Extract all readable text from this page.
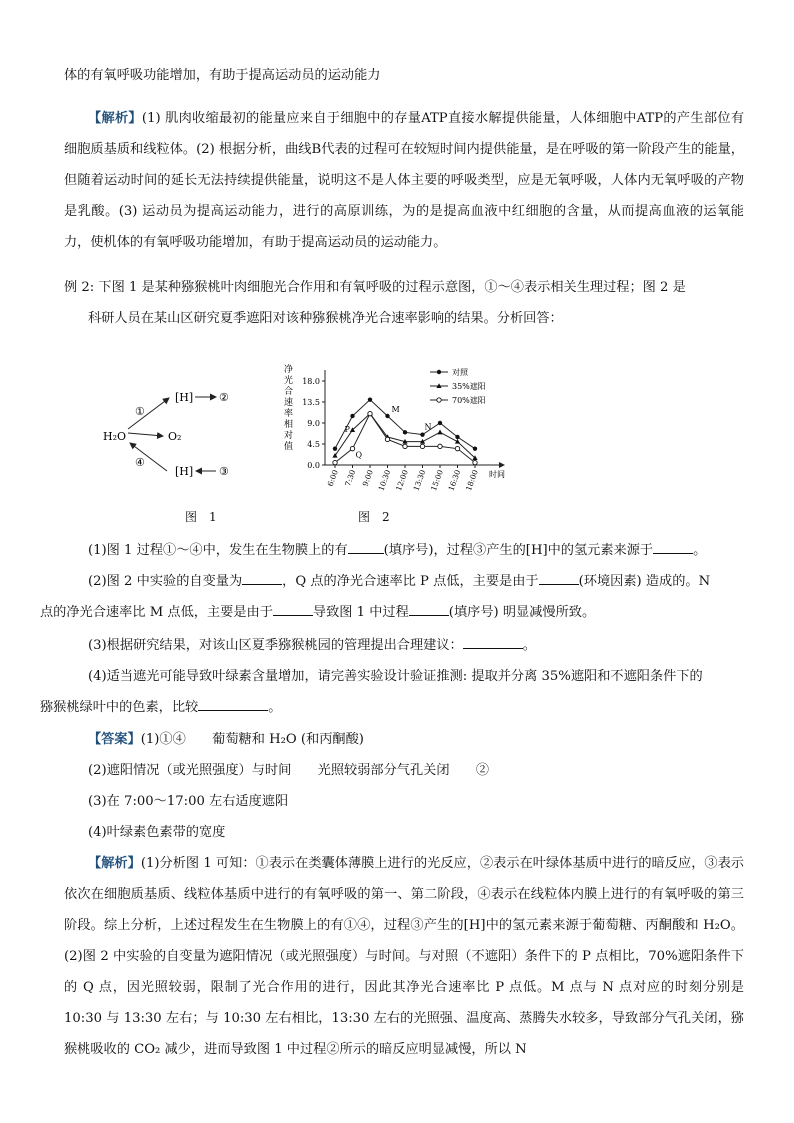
体的有氧呼吸功能增加，有助于提高运动员的运动能力
【解析】(1) 肌肉收缩最初的能量应来自于细胞中的存量ATP直接水解提供能量，人体细胞中ATP的产生部位有细胞质基质和线粒体。(2) 根据分析，曲线B代表的过程可在较短时间内提供能量，是在呼吸的第一阶段产生的能量，但随着运动时间的延长无法持续提供能量，说明这不是人体主要的呼吸类型，应是无氧呼吸，人体内无氧呼吸的产物是乳酸。(3) 运动员为提高运动能力，进行的高原训练，为的是提高血液中红细胞的含量，从而提高血液的运氧能力，使机体的有氧呼吸功能增加，有助于提高运动员的运动能力。
例 2: 下图 1 是某种猕猴桃叶肉细胞光合作用和有氧呼吸的过程示意图，①～④表示相关生理过程；图 2 是
科研人员在某山区研究夏季遮阳对该种猕猴桃净光合速率影响的结果。分析回答：
H₂O	O₂
[H]
[H]
①
④
②
③
图　1
净
光
合
速
率
相
对
值
0.0
4.5
9.0
13.5
18.0
6:00 7:30 9:00 10:30 12:00 13:30 15:00 16:30 18:00 时间
对照
35%遮阳
70%遮阳
M
N
P
Q
图　2
(1)图 1 过程①～④中，发生在生物膜上的有	(填序号)，过程③产生的[H]中的氢元素来源于	。
(2)图 2 中实验的自变量为	，Q 点的净光合速率比 P 点低，主要是由于	(环境因素) 造成的。N
点的净光合速率比 M 点低，主要是由于	导致图 1 中过程	(填序号) 明显减慢所致。
(3)根据研究结果，对该山区夏季猕猴桃园的管理提出合理建议：	。
(4)适当遮光可能导致叶绿素含量增加，请完善实验设计验证推测: 提取并分离 35%遮阳和不遮阳条件下的
猕猴桃绿叶中的色素，比较	。
【答案】(1)①④　　葡萄糖和 H₂O (和丙酮酸)
(2)遮阳情况（或光照强度）与时间　　光照较弱部分气孔关闭　　②
(3)在 7:00～17:00 左右适度遮阳
(4)叶绿素色素带的宽度
【解析】(1)分析图 1 可知：①表示在类囊体薄膜上进行的光反应，②表示在叶绿体基质中进行的暗反应，③表示依次在细胞质基质、线粒体基质中进行的有氧呼吸的第一、第二阶段，④表示在线粒体内膜上进行的有氧呼吸的第三阶段。综上分析，上述过程发生在生物膜上的有①④，过程③产生的[H]中的氢元素来源于葡萄糖、丙酮酸和 H₂O。(2)图 2 中实验的自变量为遮阳情况（或光照强度）与时间。与对照（不遮阳）条件下的 P 点相比，70%遮阳条件下的 Q 点，因光照较弱，限制了光合作用的进行，因此其净光合速率比 P 点低。M 点与 N 点对应的时刻分别是 10:30 与 13:30 左右；与 10:30 左右相比，13:30 左右的光照强、温度高、蒸腾失水较多，导致部分气孔关闭，猕猴桃吸收的 CO₂ 减少，进而导致图 1 中过程②所示的暗反应明显减慢，所以 N
